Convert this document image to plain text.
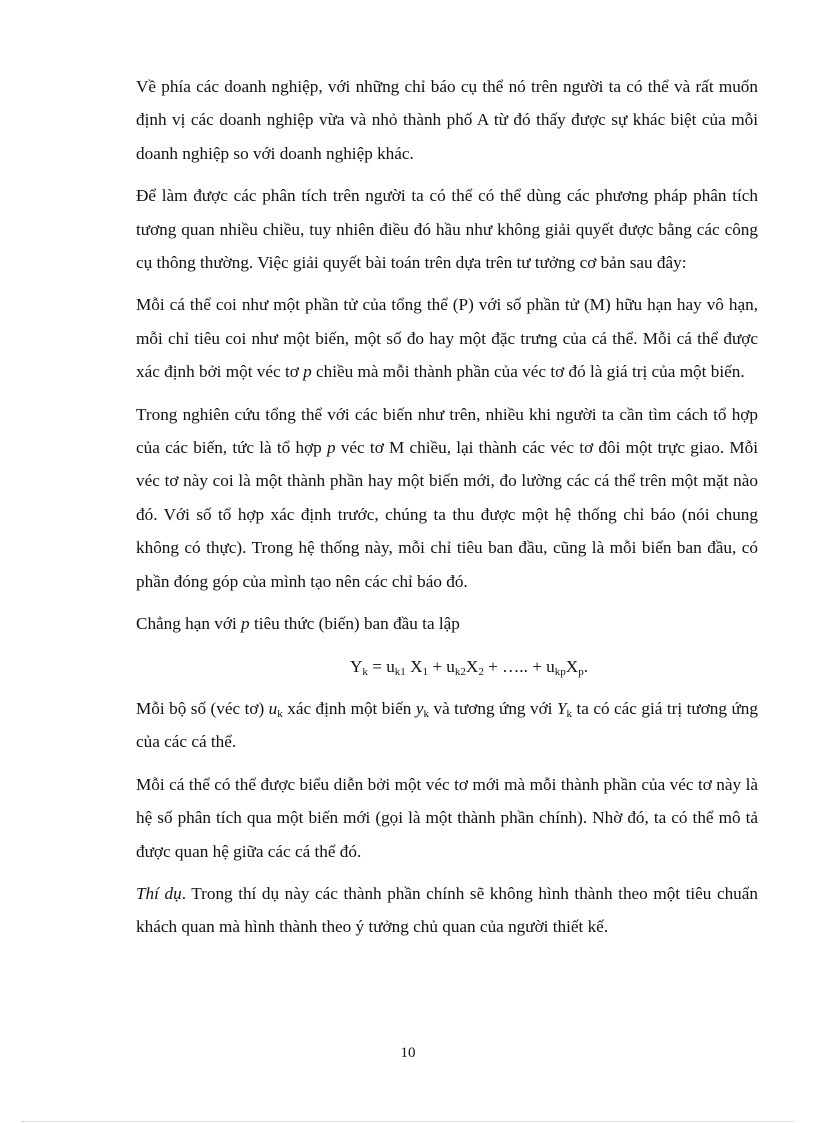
Về phía các doanh nghiệp, với những chỉ báo cụ thể nó trên người ta có thể và rất muốn định vị các doanh nghiệp vừa và nhỏ thành phố A từ đó thấy được sự khác biệt của mỗi doanh nghiệp so với doanh nghiệp khác.

Để làm được các phân tích trên người ta có thể có thể dùng các phương pháp phân tích tương quan nhiều chiều, tuy nhiên điều đó hầu như không giải quyết được bằng các công cụ thông thường. Việc giải quyết bài toán trên dựa trên tư tưởng cơ bản sau đây:

Mỗi cá thể coi như một phần tử của tổng thể (P) với số phần tử (M) hữu hạn hay vô hạn, mỗi chỉ tiêu coi như một biến, một số đo hay một đặc trưng của cá thể. Mỗi cá thể được xác định bởi một véc tơ p chiều mà mỗi thành phần của véc tơ đó là giá trị của một biến.

Trong nghiên cứu tổng thể với các biến như trên, nhiều khi người ta cần tìm cách tổ hợp của các biến, tức là tổ hợp p véc tơ M chiều, lại thành các véc tơ đôi một trực giao. Mỗi véc tơ này coi là một thành phần hay một biến mới, đo lường các cá thể trên một mặt nào đó. Với số tổ hợp xác định trước, chúng ta thu được một hệ thống chỉ báo (nói chung không có thực). Trong hệ thống này, mỗi chỉ tiêu ban đầu, cũng là mỗi biến ban đầu, có phần đóng góp của mình tạo nên các chỉ báo đó.

Chẳng hạn với p tiêu thức (biến) ban đầu ta lập

$Y_k = u_{k1}$ $X_1 + u_{k2}X_2$ + ….. + $u_{kp}X_p$.

Mỗi bộ số (véc tơ) $u_k$ xác định một biến $y_k$ và tương ứng với $Y_k$ ta có các giá trị tương ứng của các cá thể.

Mỗi cá thể có thể được biểu diễn bởi một véc tơ mới mà mỗi thành phần của véc tơ này là hệ số phân tích qua một biến mới (gọi là một thành phần chính). Nhờ đó, ta có thể mô tả được quan hệ giữa các cá thể đó.

Thí dụ. Trong thí dụ này các thành phần chính sẽ không hình thành theo một tiêu chuẩn khách quan mà hình thành theo ý tưởng chủ quan của người thiết kế.

10
